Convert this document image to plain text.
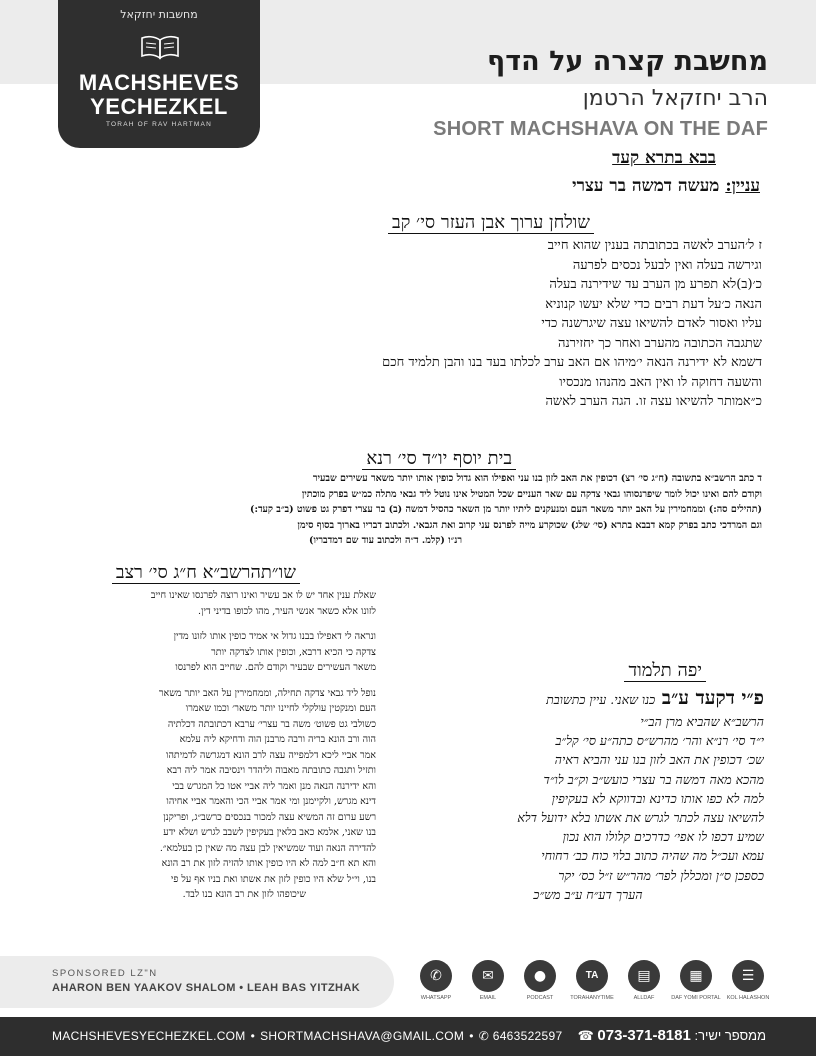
מחשבות יחזקאל
MACHSHEVES
YECHEZKEL
TORAH OF RAV HARTMAN
מחשבת קצרה על הדף
הרב יחזקאל הרטמן
SHORT MACHSHAVA ON THE DAF
בבא בתרא קעד
עניין: מעשה דמשה בר עצרי
שולחן ערוך אבן העזר סי׳ קב

ז ל׳הערב לאשה בכתובתה בענין שהוא חייב

וגירשה בעלה ואין לבעל נכסים לפרעה

כ׳(ב)לא תפרע מן הערב עד שידירנה בעלה

הנאה כ׳על דעת רבים כדי שלא יעשו קנוניא

עליו ואסור לאדם להשיאו עצה שיגרשנה כדי

שתגבה הכתובה מהערב ואחר כך יחזירנה

דשמא לא ידירנה הנאה י׳מיהו אם האב ערב לכלתו בעד בנו והבן תלמיד חכם

והשעה דחוקה לו ואין האב מהנהו מנכסיו

כ״אמותר להשיאו עצה זו. הגה הערב לאשה

בית יוסף יו״ד סי׳ רנא

ד כתב הרשב״א בתשובה (ח״ג סי׳ רצ) דכופין את האב לזון בנו עני ואפילו הוא גדול כופין אותו יותר משאר עשירים שבעיר

וקודם להם ואינו יכול לומר שיפרנסוהו גבאי צדקה עם שאר העניים שכל המטיל אינו נוטל ליד גבאי מתלה כמ״ש בפרק מוכתין

(תהילים סה:) וממחמירין על האב יותר משאר העם ומנעקנים ליתיו יותר מן השאר כהסיל דמשה (ב) בר עצרי דפרק גט פשוט (ב״ב קעד:)

וגם המרדכי כתב בפרק קמא דבבא בתרא (סי׳ שלג) שכוקרע מייה לפרנס עני קרוב ואת הגבאי. ולכתוב דבריו בארוך בסוף סימן

רנ״ו (קלמ. ד״ה ולכתוב עוד שם דמדבריו)

שו״תהרשב״א ח״ג סי׳ רצב

שאלת ענין אחד יש לו אב עשיר ואינו רוצה לפרנסו שאינו חייב

לזונו אלא כשאר אנשי העיר, מהו לכופו בדיני דין.

ונראה לי דאפילו בבנו גדול אי אמיד כופין אותו לזונו מדין

צדקה כי הכיא דרבא, וכופין אותו לצדקה יותר

משאר העשירים שבעיר וקודם להם. שחייב הוא לפרנסו

נופל ליד גבאי צדקה תחילה, וממחמירין על האב יותר משאר

העם ומנקטין עולקלי לחיינו יותר משאר׳ וכמו שאמרו

כשולבי גט פשוט׳ משה בר עצרי׳ ערבא דכתובתה דכלתיה

הוה ורב הונא בריה ורבה מרבנן הוה ודחיקא ליה עלמא

אמר אביי ליכא דלמפייה עצה לרב הונא דמגרשה לדמיתהו

ותזיל ותגבה כתובתה מאבוה וליהדר וינסיבה אמר ליה רבא

והא ידירנה הנאה מנן ואמר ליה אביי אטו כל המגרש בבי

דינא מגרש, ולקיימנן ומי אמר אביי הכי והאמר אביי אחיהו

רשע ערום זה המשיא עצה למכור בנכסים כרשב״ג, ופריקנן

בנו שאני, אלמא כאב בלאין בעקיפין לשבב לגרש ושלא ידע

להדירה הנאה ועוד שמשיאין לבן עצה מה שאין כן בעלמא״.

והא תא ח״ב למה לא היו כופין אותו להזיה לזון את רב הונא

בנו, וי״ל שלא היו כופין לזון את אשתו ואת בניו אף על פי

שיכופהו לזון את רב הונא בנו לבד.

יפה תלמוד

פ״י דקעד ע״ב כנו שאני. עיין כתשובת

הרשב״א שהביא מרן הב״י

י״ד סי׳ רנ״א והר׳ מהרש״ס כתה״ע סי׳ קל״ב

שכ׳ דכופין את האב לזון בנו עני והביא ראיה

מהכא מאה דמשה בר עצרי כועש״ב וק״ב לו״ד

למה לא כפו אותו כדינא ובדווקא לא בעקיפין

להשיאו עצה לכתר לגרש את אשתו בלא ידועל דלא

שמיע דכפו לו אפי׳ כדרכים קלולו הוא נכון

עמא ועכ״ל מה שהיה כתוב בלוי כוח כב׳ רחוחי

כספכן ס״ן ומכללן לפר׳ מהר״ש ז״ל כס׳ יקר

הערך דע״ח ע״ב מש״כ

SPONSORED LZ"N
AHARON BEN YAAKOV SHALOM • LEAH BAS YITZHAK
✆
WHATSAPP
✉
EMAIL
●
PODCAST
TA
TORAHANYTIME
▤
ALLDAF
▦
DAF YOMI PORTAL
☰
KOL HALASHON
MACHSHEVESYECHEZKEL.COM • SHORTMACHSHAVA@GMAIL.COM • ✆ 6463522597	ממספר ישיר: 073-371-8181 ☎
